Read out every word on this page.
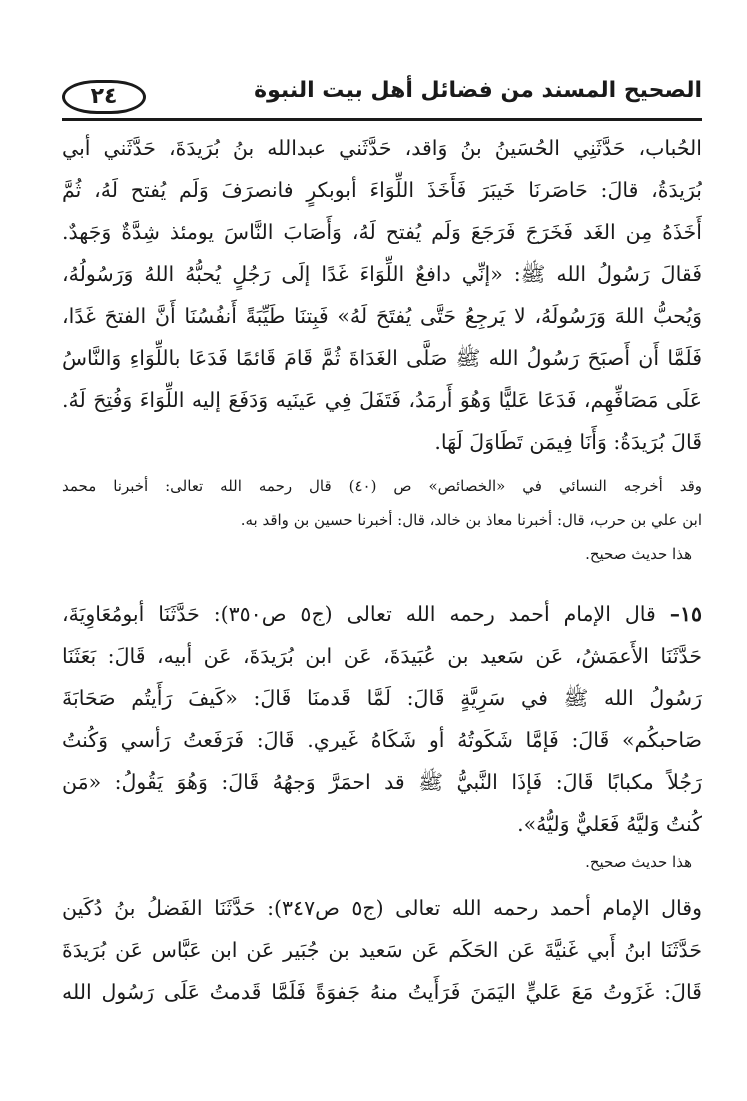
الصحيح المسند من فضائل أهل بيت النبوة
٢٤
الحُباب، حَدَّثَنِي الحُسَينُ بنُ وَاقد، حَدَّثَني عبدالله بنُ بُرَيدَةَ، حَدَّثَني أبي
بُرَيدَةُ، قالَ: حَاصَرنَا خَيبَرَ فَأَخَذَ اللِّوَاءَ أبوبكرٍ فانصرَفَ وَلَم يُفتح لَهُ، ثُمَّ
أَخَذَهُ مِن الغَد فَخَرَجَ فَرَجَعَ وَلَم يُفتح لَهُ، وَأَصَابَ النَّاسَ يومئذ شِدَّةٌ وَجَهدٌ.
فَقالَ رَسُولُ الله ﷺ: «إنِّي دافعٌ اللِّوَاءَ غَدًا إلَى رَجُلٍ يُحبُّهُ اللهُ وَرَسُولُهُ،
وَيُحبُّ اللهَ وَرَسُولَهُ، لا يَرجِعُ حَتَّى يُفتَحَ لَهُ» فَبِتنَا طَيِّبَةً أَنفُسُنَا أَنَّ الفتحَ غَدًا،
فَلَمَّا أَن أَصبَحَ رَسُولُ الله ﷺ صَلَّى الغَدَاةَ ثُمَّ قَامَ قَائمًا فَدَعَا باللِّوَاءِ وَالنَّاسُ
عَلَى مَصَافِّهِم، فَدَعَا عَليًّا وَهُوَ أَرمَدُ، فَتَفَلَ فِي عَينَيه وَدَفَعَ إليه اللِّوَاءَ وَفُتِحَ لَهُ.
قَالَ بُرَيدَةُ: وَأَنَا فِيمَن تَطَاوَلَ لَهَا.
وقد أخرجه النسائي في «الخصائص» ص (٤٠) قال رحمه الله تعالى: أخبرنا محمد
ابن علي بن حرب، قال: أخبرنا معاذ بن خالد، قال: أخبرنا حسين بن واقد به.
هذا حديث صحيح.
١٥– قال الإمام أحمد رحمه الله تعالى (ج٥ ص٣٥٠): حَدَّثَنَا أبومُعَاوِيَةَ،
حَدَّثَنَا الأَعمَشُ، عَن سَعيد بن عُبَيدَةَ، عَن ابن بُرَيدَةَ، عَن أبيه، قَالَ: بَعَثَنَا
رَسُولُ الله ﷺ في سَرِيَّةٍ قَالَ: لَمَّا قَدمنَا قَالَ: «كَيفَ رَأَيتُم صَحَابَةَ
صَاحبكُم» قَالَ: فَإمَّا شَكَوتُهُ أو شَكَاهُ غَيري. قَالَ: فَرَفَعتُ رَأسي وَكُنتُ
رَجُلاً مكبابًا قَالَ: فَإذَا النَّبيُّ ﷺ قد احمَرَّ وَجهُهُ قَالَ: وَهُوَ يَقُولُ: «مَن
كُنتُ وَليَّهُ فَعَليٌّ وَليُّهُ».
هذا حديث صحيح.
وقال الإمام أحمد رحمه الله تعالى (ج٥ ص٣٤٧): حَدَّثَنَا الفَضلُ بنُ دُكَين
حَدَّثَنَا ابنُ أَبي غَنيَّةَ عَن الحَكَم عَن سَعيد بن جُبَير عَن ابن عَبَّاس عَن بُرَيدَةَ
قَالَ: غَزَوتُ مَعَ عَليٍّ اليَمَنَ فَرَأَيتُ منهُ جَفوَةً فَلَمَّا قَدمتُ عَلَى رَسُول الله
